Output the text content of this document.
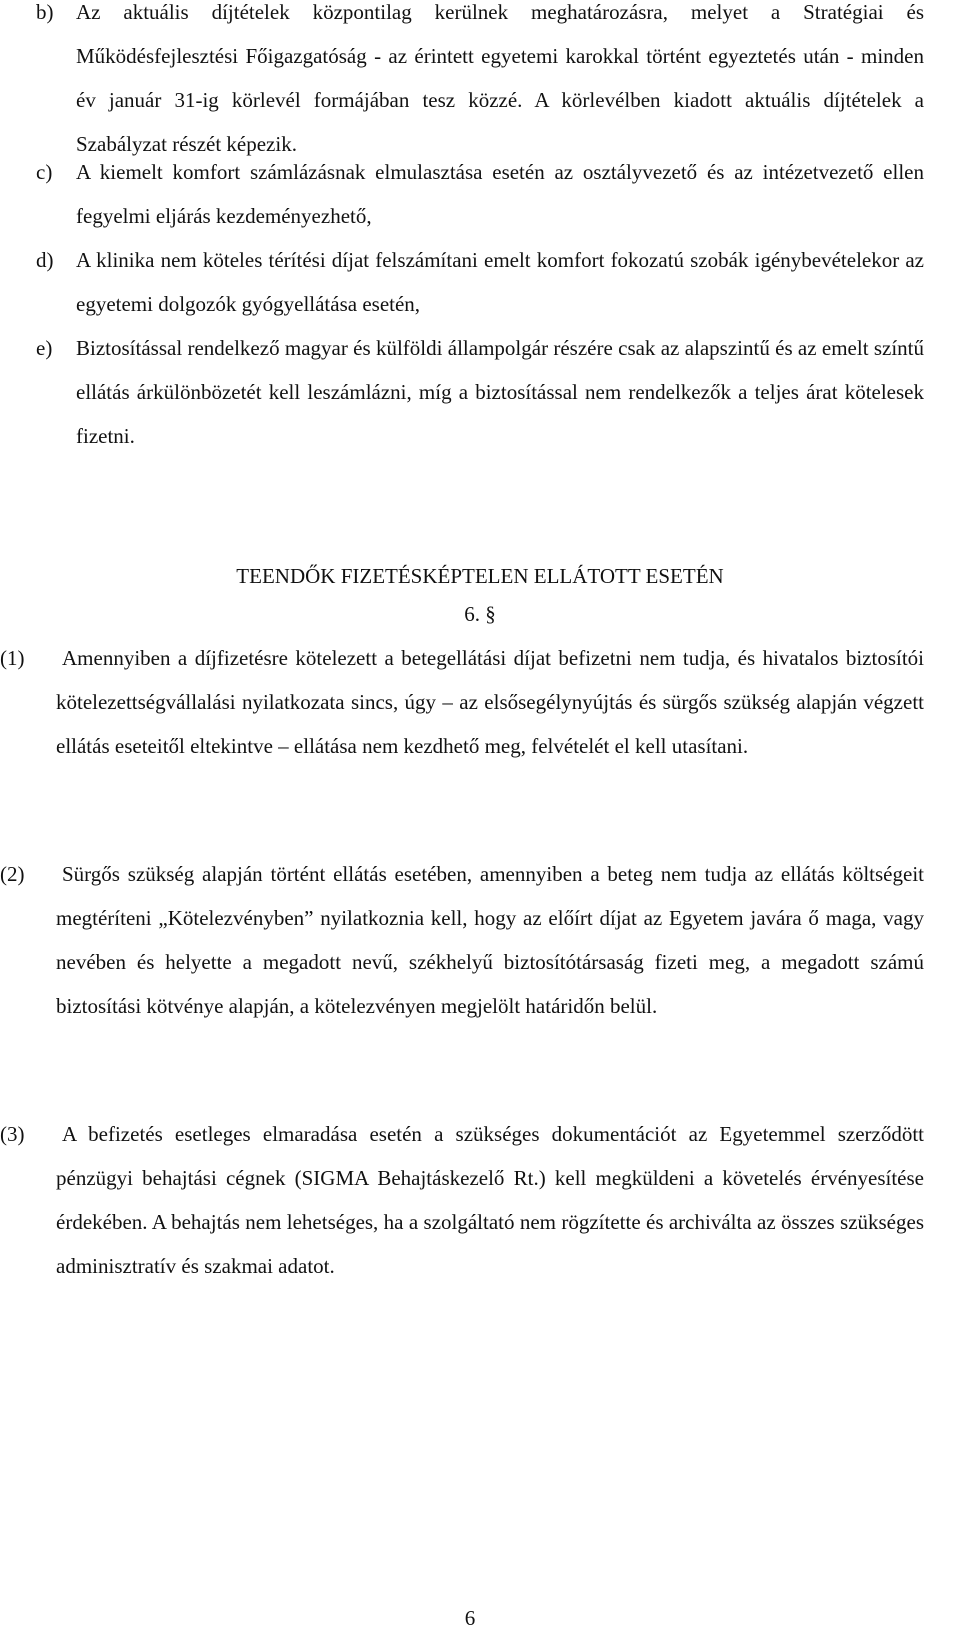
b)	Az aktuális díjtételek központilag kerülnek meghatározásra, melyet a Stratégiai és Működésfejlesztési Főigazgatóság - az érintett egyetemi karokkal történt egyeztetés után - minden év január 31-ig körlevél formájában tesz közzé. A körlevélben kiadott aktuális díjtételek a Szabályzat részét képezik.
c)	A kiemelt komfort számlázásnak elmulasztása esetén az osztályvezető és az intézetvezető ellen fegyelmi eljárás kezdeményezhető,
d)	A klinika nem köteles térítési díjat felszámítani emelt komfort fokozatú szobák igénybevételekor az egyetemi dolgozók gyógyellátása esetén,
e)	Biztosítással rendelkező magyar és külföldi állampolgár részére csak az alapszintű és az emelt színtű ellátás árkülönbözetét kell leszámlázni, míg a biztosítással nem rendelkezők a teljes árat kötelesek fizetni.
TEENDŐK FIZETÉSKÉPTELEN ELLÁTOTT ESETÉN
6. §
(1)	Amennyiben a díjfizetésre kötelezett a betegellátási díjat befizetni nem tudja, és hivatalos biztosítói kötelezettségvállalási nyilatkozata sincs, úgy – az elsősegélynyújtás és sürgős szükség alapján végzett ellátás eseteitől eltekintve – ellátása nem kezdhető meg, felvételét el kell utasítani.
(2)	Sürgős szükség alapján történt ellátás esetében, amennyiben a beteg nem tudja az ellátás költségeit megtéríteni „Kötelezvényben” nyilatkoznia kell, hogy az előírt díjat az Egyetem javára ő maga, vagy nevében és helyette a megadott nevű, székhelyű biztosítótársaság fizeti meg, a megadott számú biztosítási kötvénye alapján, a kötelezvényen megjelölt határidőn belül.
(3)	A befizetés esetleges elmaradása esetén a szükséges dokumentációt az Egyetemmel szerződött pénzügyi behajtási cégnek (SIGMA Behajtáskezelő Rt.) kell megküldeni a követelés érvényesítése érdekében. A behajtás nem lehetséges, ha a szolgáltató nem rögzítette és archiválta az összes szükséges adminisztratív és szakmai adatot.
6
